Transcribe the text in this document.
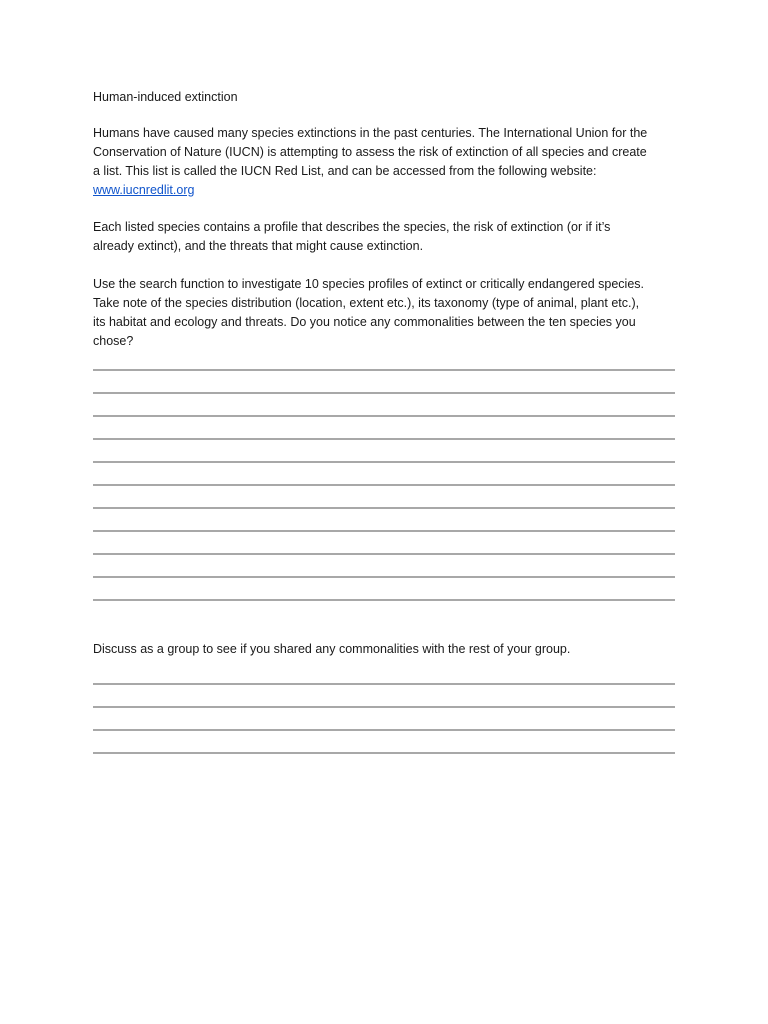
Human-induced extinction

Humans have caused many species extinctions in the past centuries. The International Union for the
Conservation of Nature (IUCN) is attempting to assess the risk of extinction of all species and create
a list. This list is called the IUCN Red List, and can be accessed from the following website:
www.iucnredlit.org

Each listed species contains a profile that describes the species, the risk of extinction (or if it’s
already extinct), and the threats that might cause extinction.

Use the search function to investigate 10 species profiles of extinct or critically endangered species.
Take note of the species distribution (location, extent etc.), its taxonomy (type of animal, plant etc.),
its habitat and ecology and threats. Do you notice any commonalities between the ten species you
chose?

Discuss as a group to see if you shared any commonalities with the rest of your group.
